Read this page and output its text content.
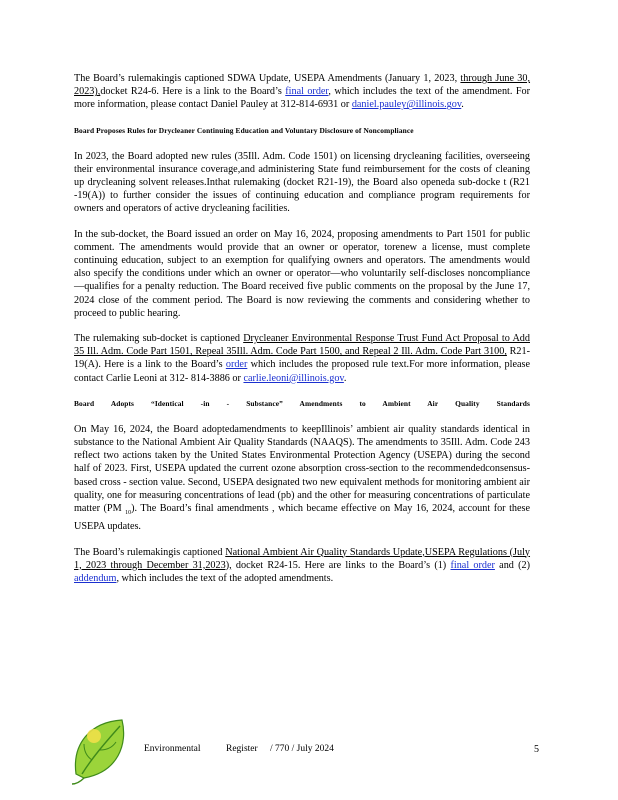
The Board’s rulemakingis captioned SDWA Update, USEPA Amendments (January 1, 2023, through June 30, 2023),docket R24-6. Here is a link to the Board’s final order, which includes the text of the amendment. For more information, please contact Daniel Pauley at 312-814-6931 or daniel.pauley@illinois.gov.

Board Proposes Rules for Drycleaner Continuing Education and Voluntary Disclosure of Noncompliance

In 2023, the Board adopted new rules (35Ill. Adm. Code 1501) on licensing drycleaning facilities, overseeing their environmental insurance coverage,and administering State fund reimbursement for the costs of cleaning up drycleaning solvent releases.Inthat rulemaking (docket R21-19), the Board also openeda sub-docke t (R21 -19(A)) to further consider the issues of continuing education and compliance program requirements for owners and operators of active drycleaning facilities.

In the sub-docket, the Board issued an order on May 16, 2024, proposing amendments to Part 1501 for public comment. The amendments would provide that an owner or operator, torenew a license, must complete continuing education, subject to an exemption for qualifying owners and operators. The amendments would also specify the conditions under which an owner or operator—who voluntarily self-discloses noncompliance—qualifies for a penalty reduction. The Board received five public comments on the proposal by the June 17, 2024 close of the comment period. The Board is now reviewing the comments and considering whether to proceed to public hearing.

The rulemaking sub-docket is captioned Drycleaner Environmental Response Trust Fund Act Proposal to Add 35 Ill. Adm. Code Part 1501, Repeal 35Ill. Adm. Code Part 1500, and Repeal 2 Ill. Adm. Code Part 3100, R21-19(A). Here is a link to the Board’s order which includes the proposed rule text.For more information, please contact Carlie Leoni at 312- 814-3886 or carlie.leoni@illinois.gov.

Board Adopts “Identical -in - Substance” Amendments to Ambient Air Quality Standards

On May 16, 2024, the Board adoptedamendments to keepIllinois’ ambient air quality standards identical in substance to the National Ambient Air Quality Standards (NAAQS). The amendments to 35Ill. Adm. Code 243 reflect two actions taken by the United States Environmental Protection Agency (USEPA) during the second half of 2023. First, USEPA updated the current ozone absorption cross-section to the recommendedconsensus- based cross - section value. Second, USEPA designated two new equivalent methods for monitoring ambient air quality, one for measuring concentrations of lead (pb) and the other for measuring concentrations of particulate matter (PM $_{10}$). The Board’s final amendments , which became effective on May 16, 2024, account for these USEPA updates.

The Board’s rulemakingis captioned National Ambient Air Quality Standards Update,USEPA Regulations (July 1, 2023 through December 31,2023), docket R24-15. Here are links to the Board’s (1) final order and (2) addendum, which includes the text of the adopted amendments.

Environmental	Register / 770 / July 2024	5
